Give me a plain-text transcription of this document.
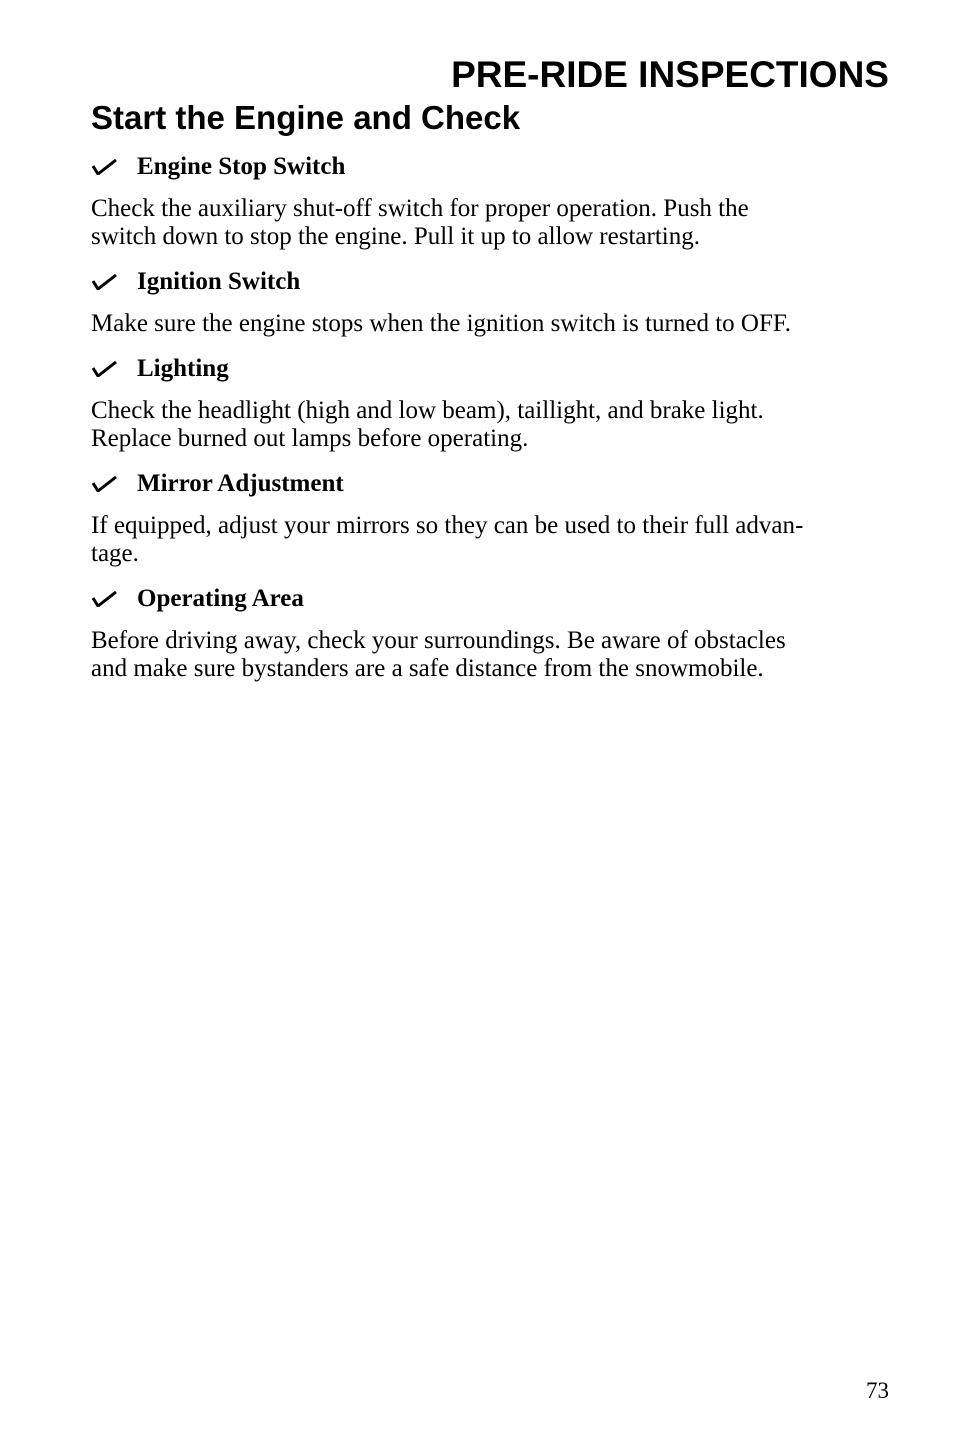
PRE-RIDE INSPECTIONS
Start the Engine and Check
Engine Stop Switch
Check the auxiliary shut-off switch for proper operation. Push the
switch down to stop the engine. Pull it up to allow restarting.
Ignition Switch
Make sure the engine stops when the ignition switch is turned to OFF.
Lighting
Check the headlight (high and low beam), taillight, and brake light.
Replace burned out lamps before operating.
Mirror Adjustment
If equipped, adjust your mirrors so they can be used to their full advan-
tage.
Operating Area
Before driving away, check your surroundings. Be aware of obstacles
and make sure bystanders are a safe distance from the snowmobile.
73
